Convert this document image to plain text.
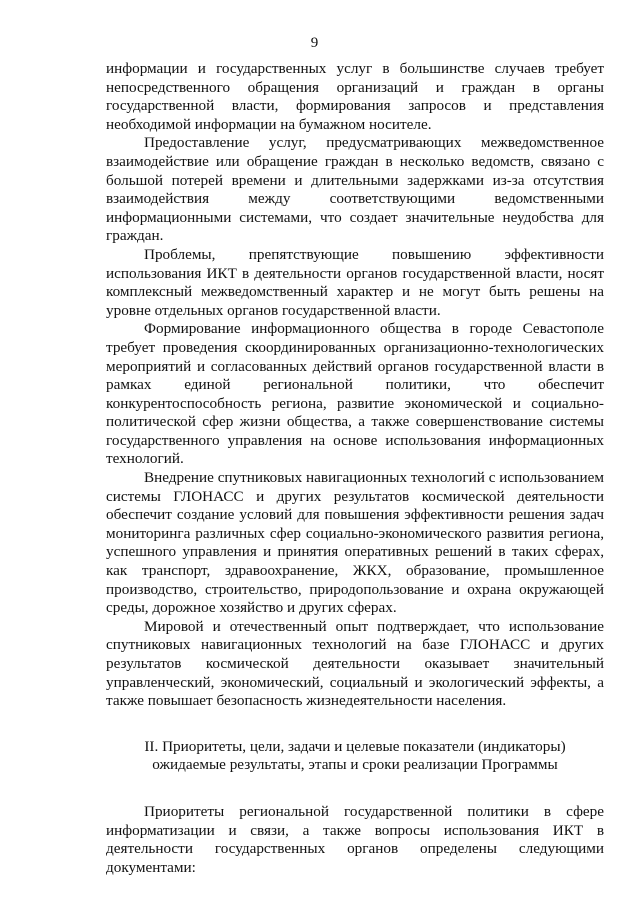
9

информации и государственных услуг в большинстве случаев требует непосредственного обращения организаций и граждан в органы государственной власти, формирования запросов и представления необходимой информации на бумажном носителе.

Предоставление услуг, предусматривающих межведомственное взаимодействие или обращение граждан в несколько ведомств, связано с большой потерей времени и длительными задержками из-за отсутствия взаимодействия между соответствующими ведомственными информационными системами, что создает значительные неудобства для граждан.

Проблемы, препятствующие повышению эффективности использования ИКТ в деятельности органов государственной власти, носят комплексный межведомственный характер и не могут быть решены на уровне отдельных органов государственной власти.

Формирование информационного общества в городе Севастополе требует проведения скоординированных организационно-технологических мероприятий и согласованных действий органов государственной власти в рамках единой региональной политики, что обеспечит конкурентоспособность региона, развитие экономической и социально-политической сфер жизни общества, а также совершенствование системы государственного управления на основе использования информационных технологий.

Внедрение спутниковых навигационных технологий с использованием системы ГЛОНАСС и других результатов космической деятельности обеспечит создание условий для повышения эффективности решения задач мониторинга различных сфер социально-экономического развития региона, успешного управления и принятия оперативных решений в таких сферах, как транспорт, здравоохранение, ЖКХ, образование, промышленное производство, строительство, природопользование и охрана окружающей среды, дорожное хозяйство и других сферах.

Мировой и отечественный опыт подтверждает, что использование спутниковых навигационных технологий на базе ГЛОНАСС и других результатов космической деятельности оказывает значительный управленческий, экономический, социальный и экологический эффекты, а также повышает безопасность жизнедеятельности населения.

II. Приоритеты, цели, задачи и целевые показатели (индикаторы)
ожидаемые результаты, этапы и сроки реализации Программы

Приоритеты региональной государственной политики в сфере информатизации и связи, а также вопросы использования ИКТ в деятельности государственных органов определены следующими документами:
